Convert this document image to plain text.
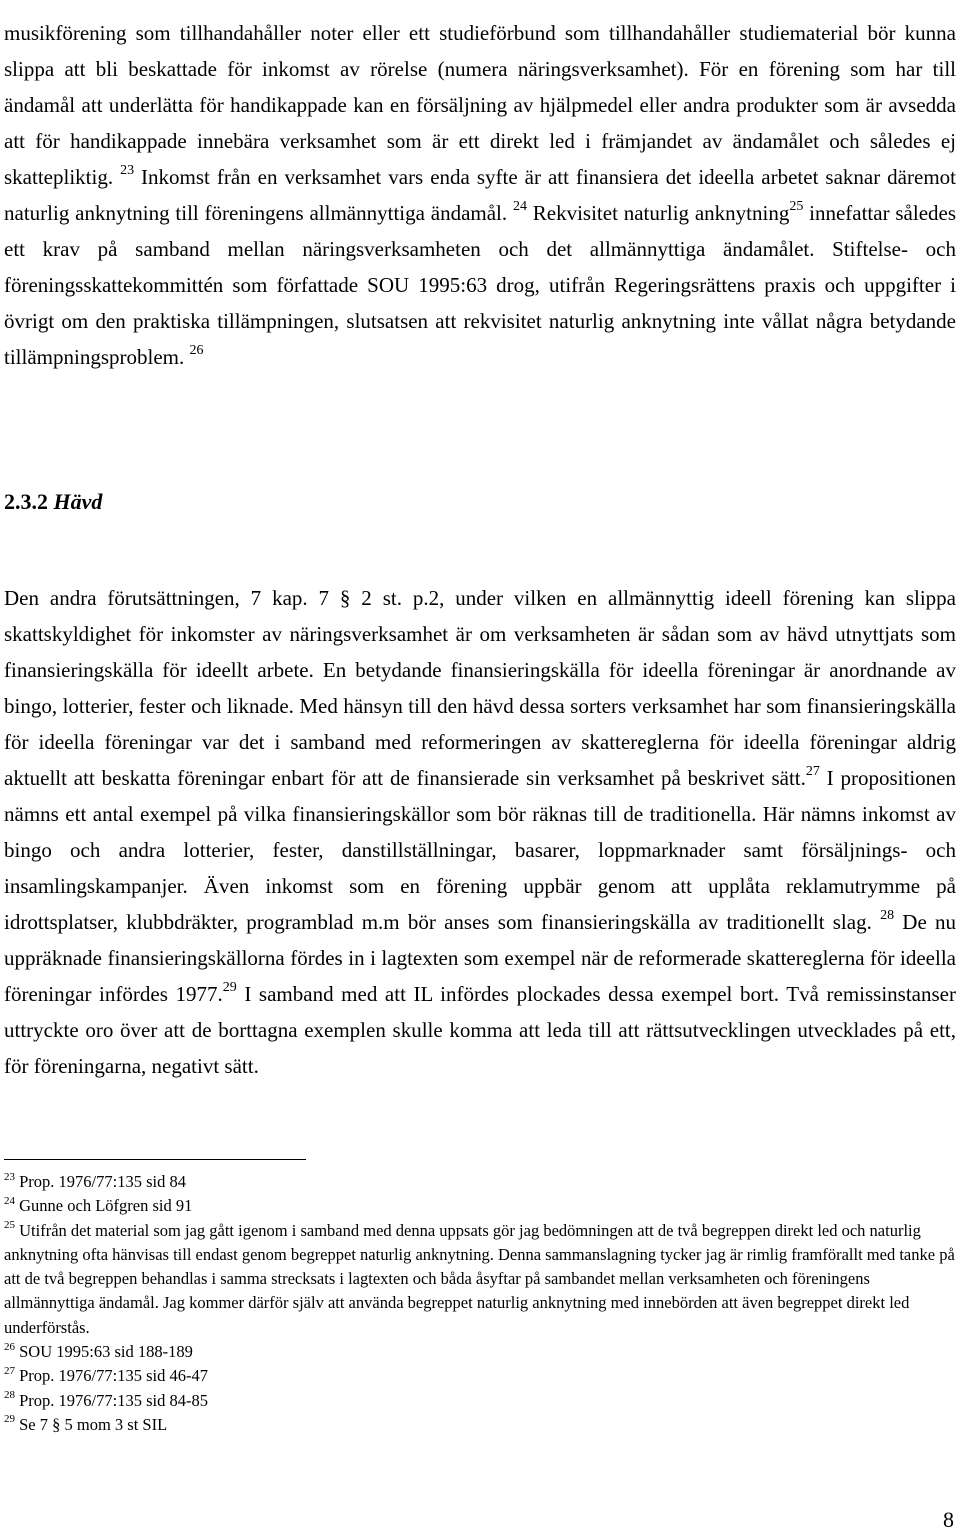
musikförening som tillhandahåller noter eller ett studieförbund som tillhandahåller studiematerial bör kunna slippa att bli beskattade för inkomst av rörelse (numera näringsverksamhet). För en förening som har till ändamål att underlätta för handikappade kan en försäljning av hjälpmedel eller andra produkter som är avsedda att för handikappade innebära verksamhet som är ett direkt led i främjandet av ändamålet och således ej skattepliktig. $^{23}$ Inkomst från en verksamhet vars enda syfte är att finansiera det ideella arbetet saknar däremot naturlig anknytning till föreningens allmännyttiga ändamål. $^{24}$ Rekvisitet naturlig anknytning$^{25}$ innefattar således ett krav på samband mellan näringsverksamheten och det allmännyttiga ändamålet. Stiftelse- och föreningsskattekommittén som författade SOU 1995:63 drog, utifrån Regeringsrättens praxis och uppgifter i övrigt om den praktiska tillämpningen, slutsatsen att rekvisitet naturlig anknytning inte vållat några betydande tillämpningsproblem. $^{26}$

2.3.2 Hävd

Den andra förutsättningen, 7 kap. 7 § 2 st. p.2, under vilken en allmännyttig ideell förening kan slippa skattskyldighet för inkomster av näringsverksamhet är om verksamheten är sådan som av hävd utnyttjats som finansieringskälla för ideellt arbete. En betydande finansieringskälla för ideella föreningar är anordnande av bingo, lotterier, fester och liknade. Med hänsyn till den hävd dessa sorters verksamhet har som finansieringskälla för ideella föreningar var det i samband med reformeringen av skattereglerna för ideella föreningar aldrig aktuellt att beskatta föreningar enbart för att de finansierade sin verksamhet på beskrivet sätt.$^{27}$ I propositionen nämns ett antal exempel på vilka finansieringskällor som bör räknas till de traditionella. Här nämns inkomst av bingo och andra lotterier, fester, danstillställningar, basarer, loppmarknader samt försäljnings- och insamlingskampanjer. Även inkomst som en förening uppbär genom att upplåta reklamutrymme på idrottsplatser, klubbdräkter, programblad m.m bör anses som finansieringskälla av traditionellt slag. $^{28}$ De nu uppräknade finansieringskällorna fördes in i lagtexten som exempel när de reformerade skattereglerna för ideella föreningar infördes 1977.29 I samband med att IL infördes plockades dessa exempel bort. Två remissinstanser uttryckte oro över att de borttagna exemplen skulle komma att leda till att rättsutvecklingen utvecklades på ett, för föreningarna, negativt sätt.

$^{23}$ Prop. 1976/77:135 sid 84

$^{24}$ Gunne och Löfgren sid 91

$^{25}$ Utifrån det material som jag gått igenom i samband med denna uppsats gör jag bedömningen att de två begreppen direkt led och naturlig anknytning ofta hänvisas till endast genom begreppet naturlig anknytning. Denna sammanslagning tycker jag är rimlig framförallt med tanke på att de två begreppen behandlas i samma strecksats i lagtexten och båda åsyftar på sambandet mellan verksamheten och föreningens allmännyttiga ändamål. Jag kommer därför själv att använda begreppet naturlig anknytning med innebörden att även begreppet direkt led underförstås.

$^{26}$ SOU 1995:63 sid 188-189

$^{27}$ Prop. 1976/77:135 sid 46-47

$^{28}$ Prop. 1976/77:135 sid 84-85

$^{29}$ Se 7 § 5 mom 3 st SIL

8
